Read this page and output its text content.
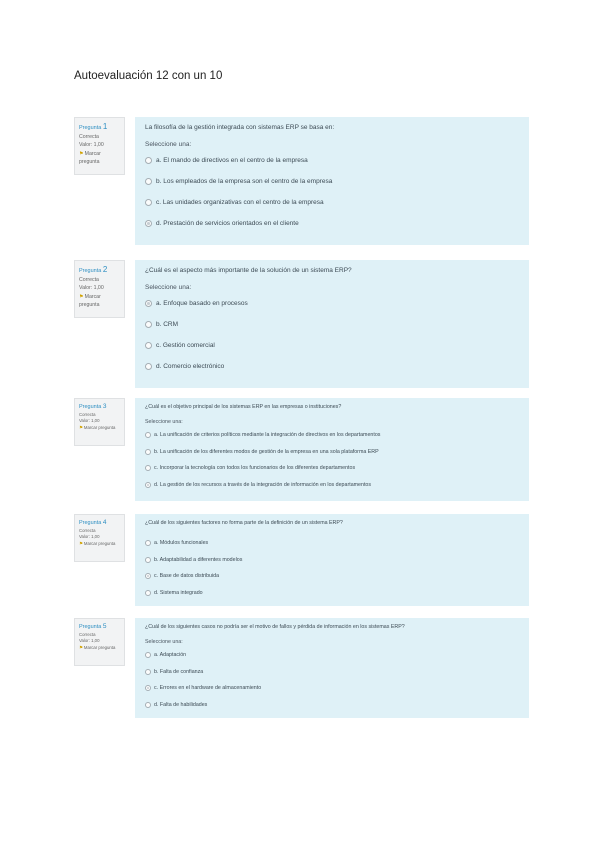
Autoevaluación 12 con un 10
Pregunta 1
Correcta
Valor: 1,00
⚑Marcar pregunta
La filosofía de la gestión integrada con sistemas ERP se basa en:
Seleccione una:
a. El mando de directivos en el centro de la empresa
b. Los empleados de la empresa son el centro de la empresa
c. Las unidades organizativas con el centro de la empresa
d. Prestación de servicios orientados en el cliente
Pregunta 2
Correcta
Valor: 1,00
⚑Marcar pregunta
¿Cuál es el aspecto más importante de la solución de un sistema ERP?
Seleccione una:
a. Enfoque basado en procesos
b. CRM
c. Gestión comercial
d. Comercio electrónico
Pregunta 3
Correcta
Valor: 1,00
⚑Marcar pregunta
¿Cuál es el objetivo principal de los sistemas ERP en las empresas o instituciones?
Seleccione una:
a. La unificación de criterios políticos mediante la integración de directivos en los departamentos
b. La unificación de los diferentes modos de gestión de la empresa en una sola plataforma ERP
c. Incorporar la tecnología con todos los funcionarios de los diferentes departamentos
d. La gestión de los recursos a través de la integración de información en los departamentos
Pregunta 4
Correcta
Valor: 1,00
⚑Marcar pregunta
¿Cuál de los siguientes factores no forma parte de la definición de un sistema ERP?
a. Módulos funcionales
b. Adaptabilidad a diferentes modelos
c. Base de datos distribuida
d. Sistema integrado
Pregunta 5
Correcta
Valor: 1,00
⚑Marcar pregunta
¿Cuál de los siguientes casos no podría ser el motivo de fallos y pérdida de información en los sistemas ERP?
Seleccione una:
a. Adaptación
b. Falta de confianza
c. Errores en el hardware de almacenamiento
d. Falta de habilidades
